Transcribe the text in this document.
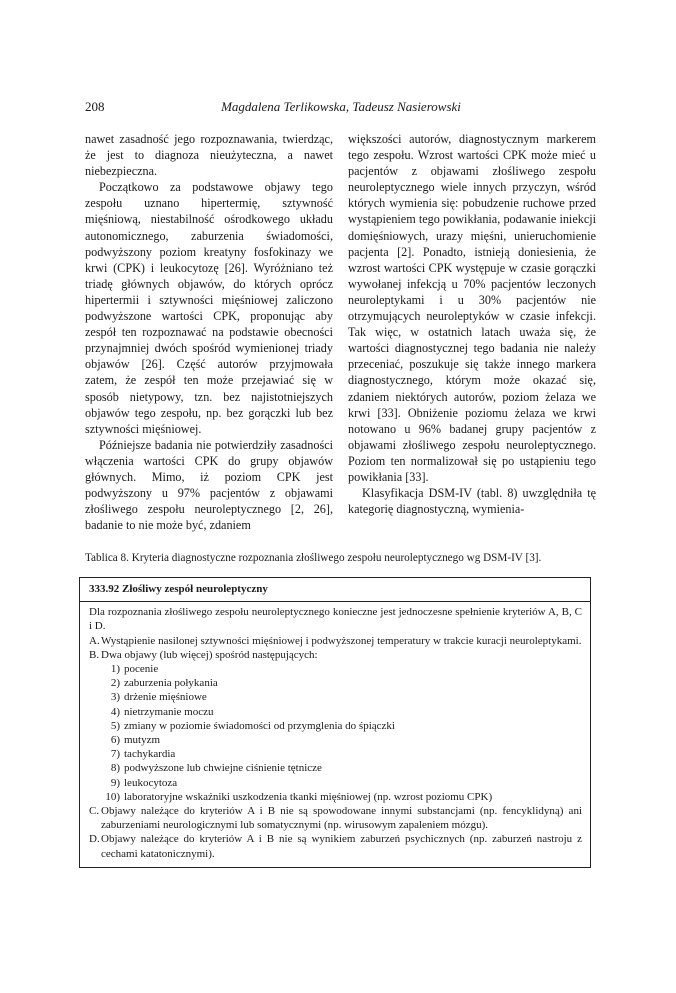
208	Magdalena Terlikowska, Tadeusz Nasierowski

nawet zasadność jego rozpoznawania, twierdząc, że jest to diagnoza nieużyteczna, a nawet niebezpieczna.

Początkowo za podstawowe objawy tego zespołu uznano hipertermię, sztywność mięśniową, niestabilność ośrodkowego układu autonomicznego, zaburzenia świadomości, podwyższony poziom kreatyny fosfokinazy we krwi (CPK) i leukocytozę [26]. Wyróżniano też triadę głównych objawów, do których oprócz hipertermii i sztywności mięśniowej zaliczono podwyższone wartości CPK, proponując aby zespół ten rozpoznawać na podstawie obecności przynajmniej dwóch spośród wymienionej triady objawów [26]. Część autorów przyjmowała zatem, że zespół ten może przejawiać się w sposób nietypowy, tzn. bez najistotniejszych objawów tego zespołu, np. bez gorączki lub bez sztywności mięśniowej.

Późniejsze badania nie potwierdziły zasadności włączenia wartości CPK do grupy objawów głównych. Mimo, iż poziom CPK jest podwyższony u 97% pacjentów z objawami złośliwego zespołu neuroleptycznego [2, 26], badanie to nie może być, zdaniem

większości autorów, diagnostycznym markerem tego zespołu. Wzrost wartości CPK może mieć u pacjentów z objawami złośliwego zespołu neuroleptycznego wiele innych przyczyn, wśród których wymienia się: pobudzenie ruchowe przed wystąpieniem tego powikłania, podawanie iniekcji domięśniowych, urazy mięśni, unieruchomienie pacjenta [2]. Ponadto, istnieją doniesienia, że wzrost wartości CPK występuje w czasie gorączki wywołanej infekcją u 70% pacjentów leczonych neuroleptykami i u 30% pacjentów nie otrzymujących neuroleptyków w czasie infekcji. Tak więc, w ostatnich latach uważa się, że wartości diagnostycznej tego badania nie należy przeceniać, poszukuje się także innego markera diagnostycznego, którym może okazać się, zdaniem niektórych autorów, poziom żelaza we krwi [33]. Obniżenie poziomu żelaza we krwi notowano u 96% badanej grupy pacjentów z objawami złośliwego zespołu neuroleptycznego. Poziom ten normalizował się po ustąpieniu tego powikłania [33].

Klasyfikacja DSM-IV (tabl. 8) uwzględniła tę kategorię diagnostyczną, wymienia-

Tablica 8. Kryteria diagnostyczne rozpoznania złośliwego zespołu neuroleptycznego wg DSM-IV [3].
333.92 Złośliwy zespół neuroleptyczny
Dla rozpoznania złośliwego zespołu neuroleptycznego konieczne jest jednoczesne spełnienie kryteriów A, B, C i D.
A. Wystąpienie nasilonej sztywności mięśniowej i podwyższonej temperatury w trakcie kuracji neuroleptykami.
B. Dwa objawy (lub więcej) spośród następujących:
1) pocenie
2) zaburzenia połykania
3) drżenie mięśniowe
4) nietrzymanie moczu
5) zmiany w poziomie świadomości od przymglenia do śpiączki
6) mutyzm
7) tachykardia
8) podwyższone lub chwiejne ciśnienie tętnicze
9) leukocytoza
10) laboratoryjne wskaźniki uszkodzenia tkanki mięśniowej (np. wzrost poziomu CPK)
C. Objawy należące do kryteriów A i B nie są spowodowane innymi substancjami (np. fencyklidyną) ani zaburzeniami neurologicznymi lub somatycznymi (np. wirusowym zapaleniem mózgu).
D. Objawy należące do kryteriów A i B nie są wynikiem zaburzeń psychicznych (np. zaburzeń nastroju z cechami katatonicznymi).
